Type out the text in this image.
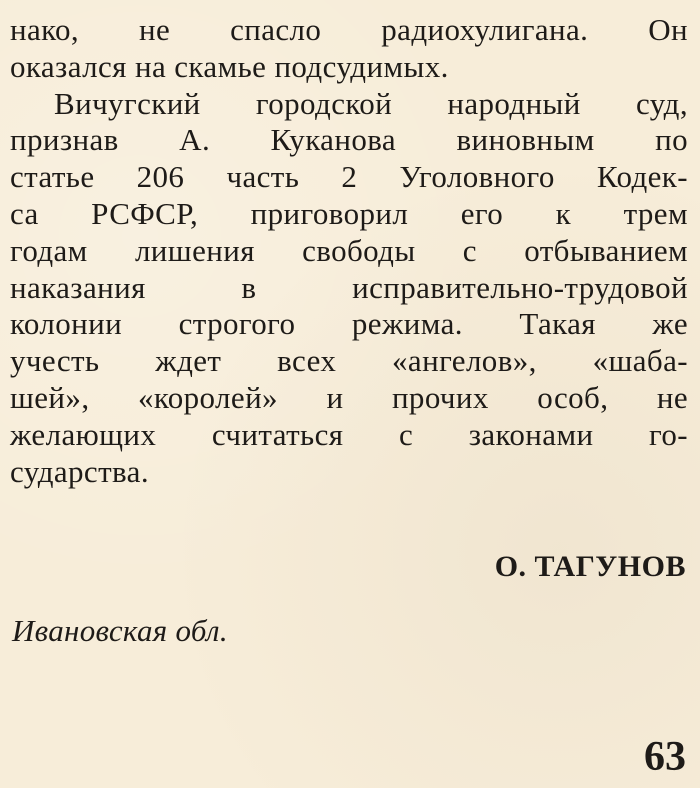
нако, не спасло радиохулигана. Он
оказался на скамье подсудимых.
Вичугский городской народный суд,
признав А. Куканова виновным по
статье 206 часть 2 Уголовного Кодек-
са РСФСР, приговорил его к трем
годам лишения свободы с отбыванием
наказания в исправительно-трудовой
колонии строгого режима. Такая же
учесть ждет всех «ангелов», «шаба-
шей», «королей» и прочих особ, не
желающих считаться с законами го-
сударства.
О. ТАГУНОВ
Ивановская обл.
63
